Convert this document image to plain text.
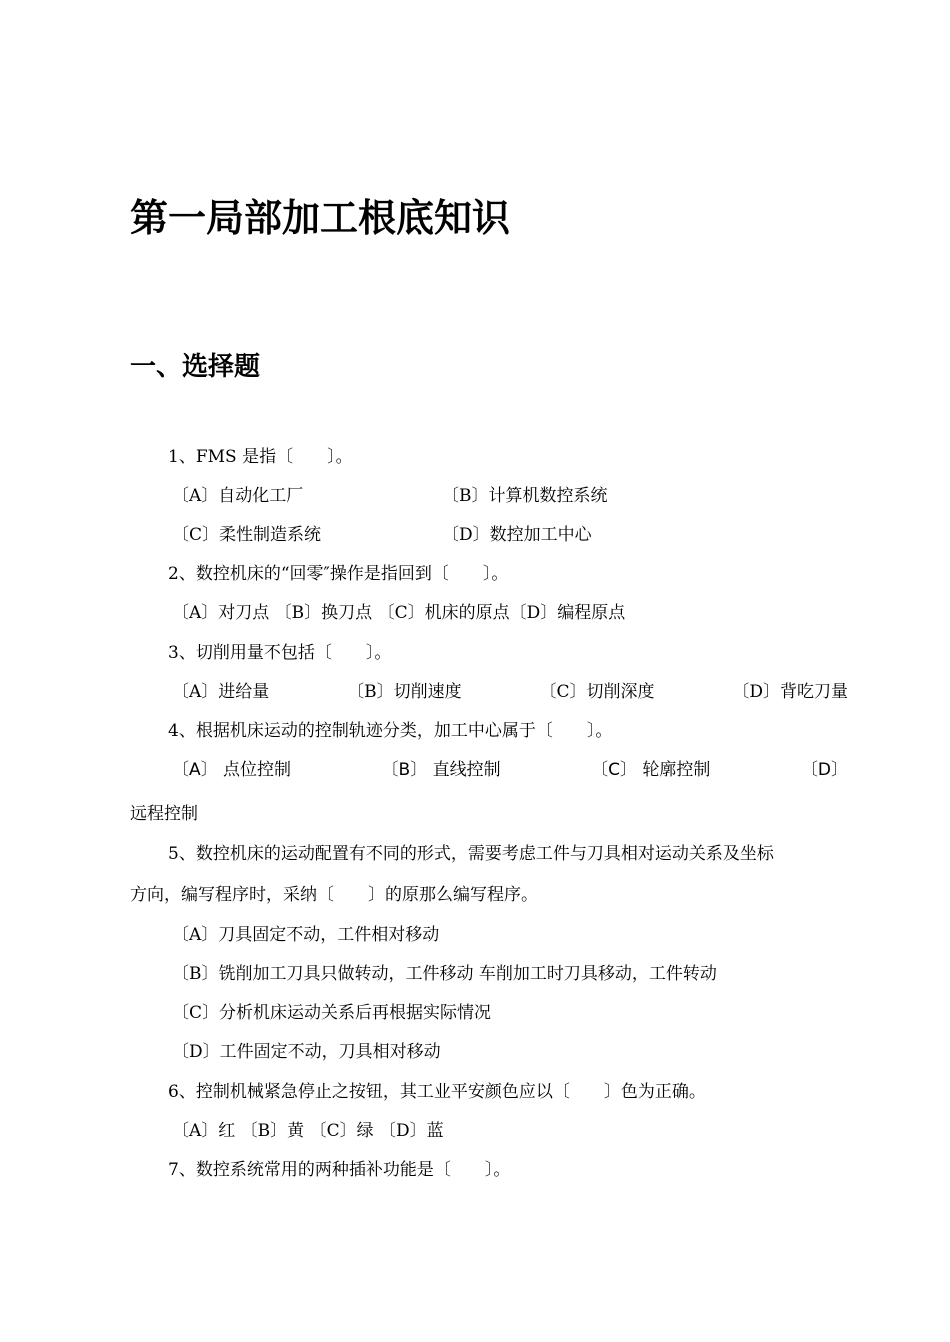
第一局部加工根底知识
一、选择题

1、FMS 是指〔　　〕。

〔A〕自动化工厂	〔B〕计算机数控系统

〔C〕柔性制造系统	〔D〕数控加工中心

2、数控机床的“回零″操作是指回到〔　　〕。

〔A〕对刀点 〔B〕换刀点 〔C〕机床的原点〔D〕编程原点

3、切削用量不包括〔　　〕。

〔A〕进给量	〔B〕切削速度	〔C〕切削深度	〔D〕背吃刀量

4、根据机床运动的控制轨迹分类，加工中心属于〔　　〕。

〔A〕 点位控制	〔B〕 直线控制	〔C〕 轮廓控制	〔D〕

远程控制

5、数控机床的运动配置有不同的形式，需要考虑工件与刀具相对运动关系及坐标

方向，编写程序时，采纳〔　　〕的原那么编写程序。

〔A〕刀具固定不动，工件相对移动

〔B〕铣削加工刀具只做转动，工件移动 车削加工时刀具移动，工件转动

〔C〕分析机床运动关系后再根据实际情况

〔D〕工件固定不动，刀具相对移动

6、控制机械紧急停止之按钮，其工业平安颜色应以〔　　〕色为正确。

〔A〕红 〔B〕黄 〔C〕绿 〔D〕蓝

7、数控系统常用的两种插补功能是〔　　〕。
